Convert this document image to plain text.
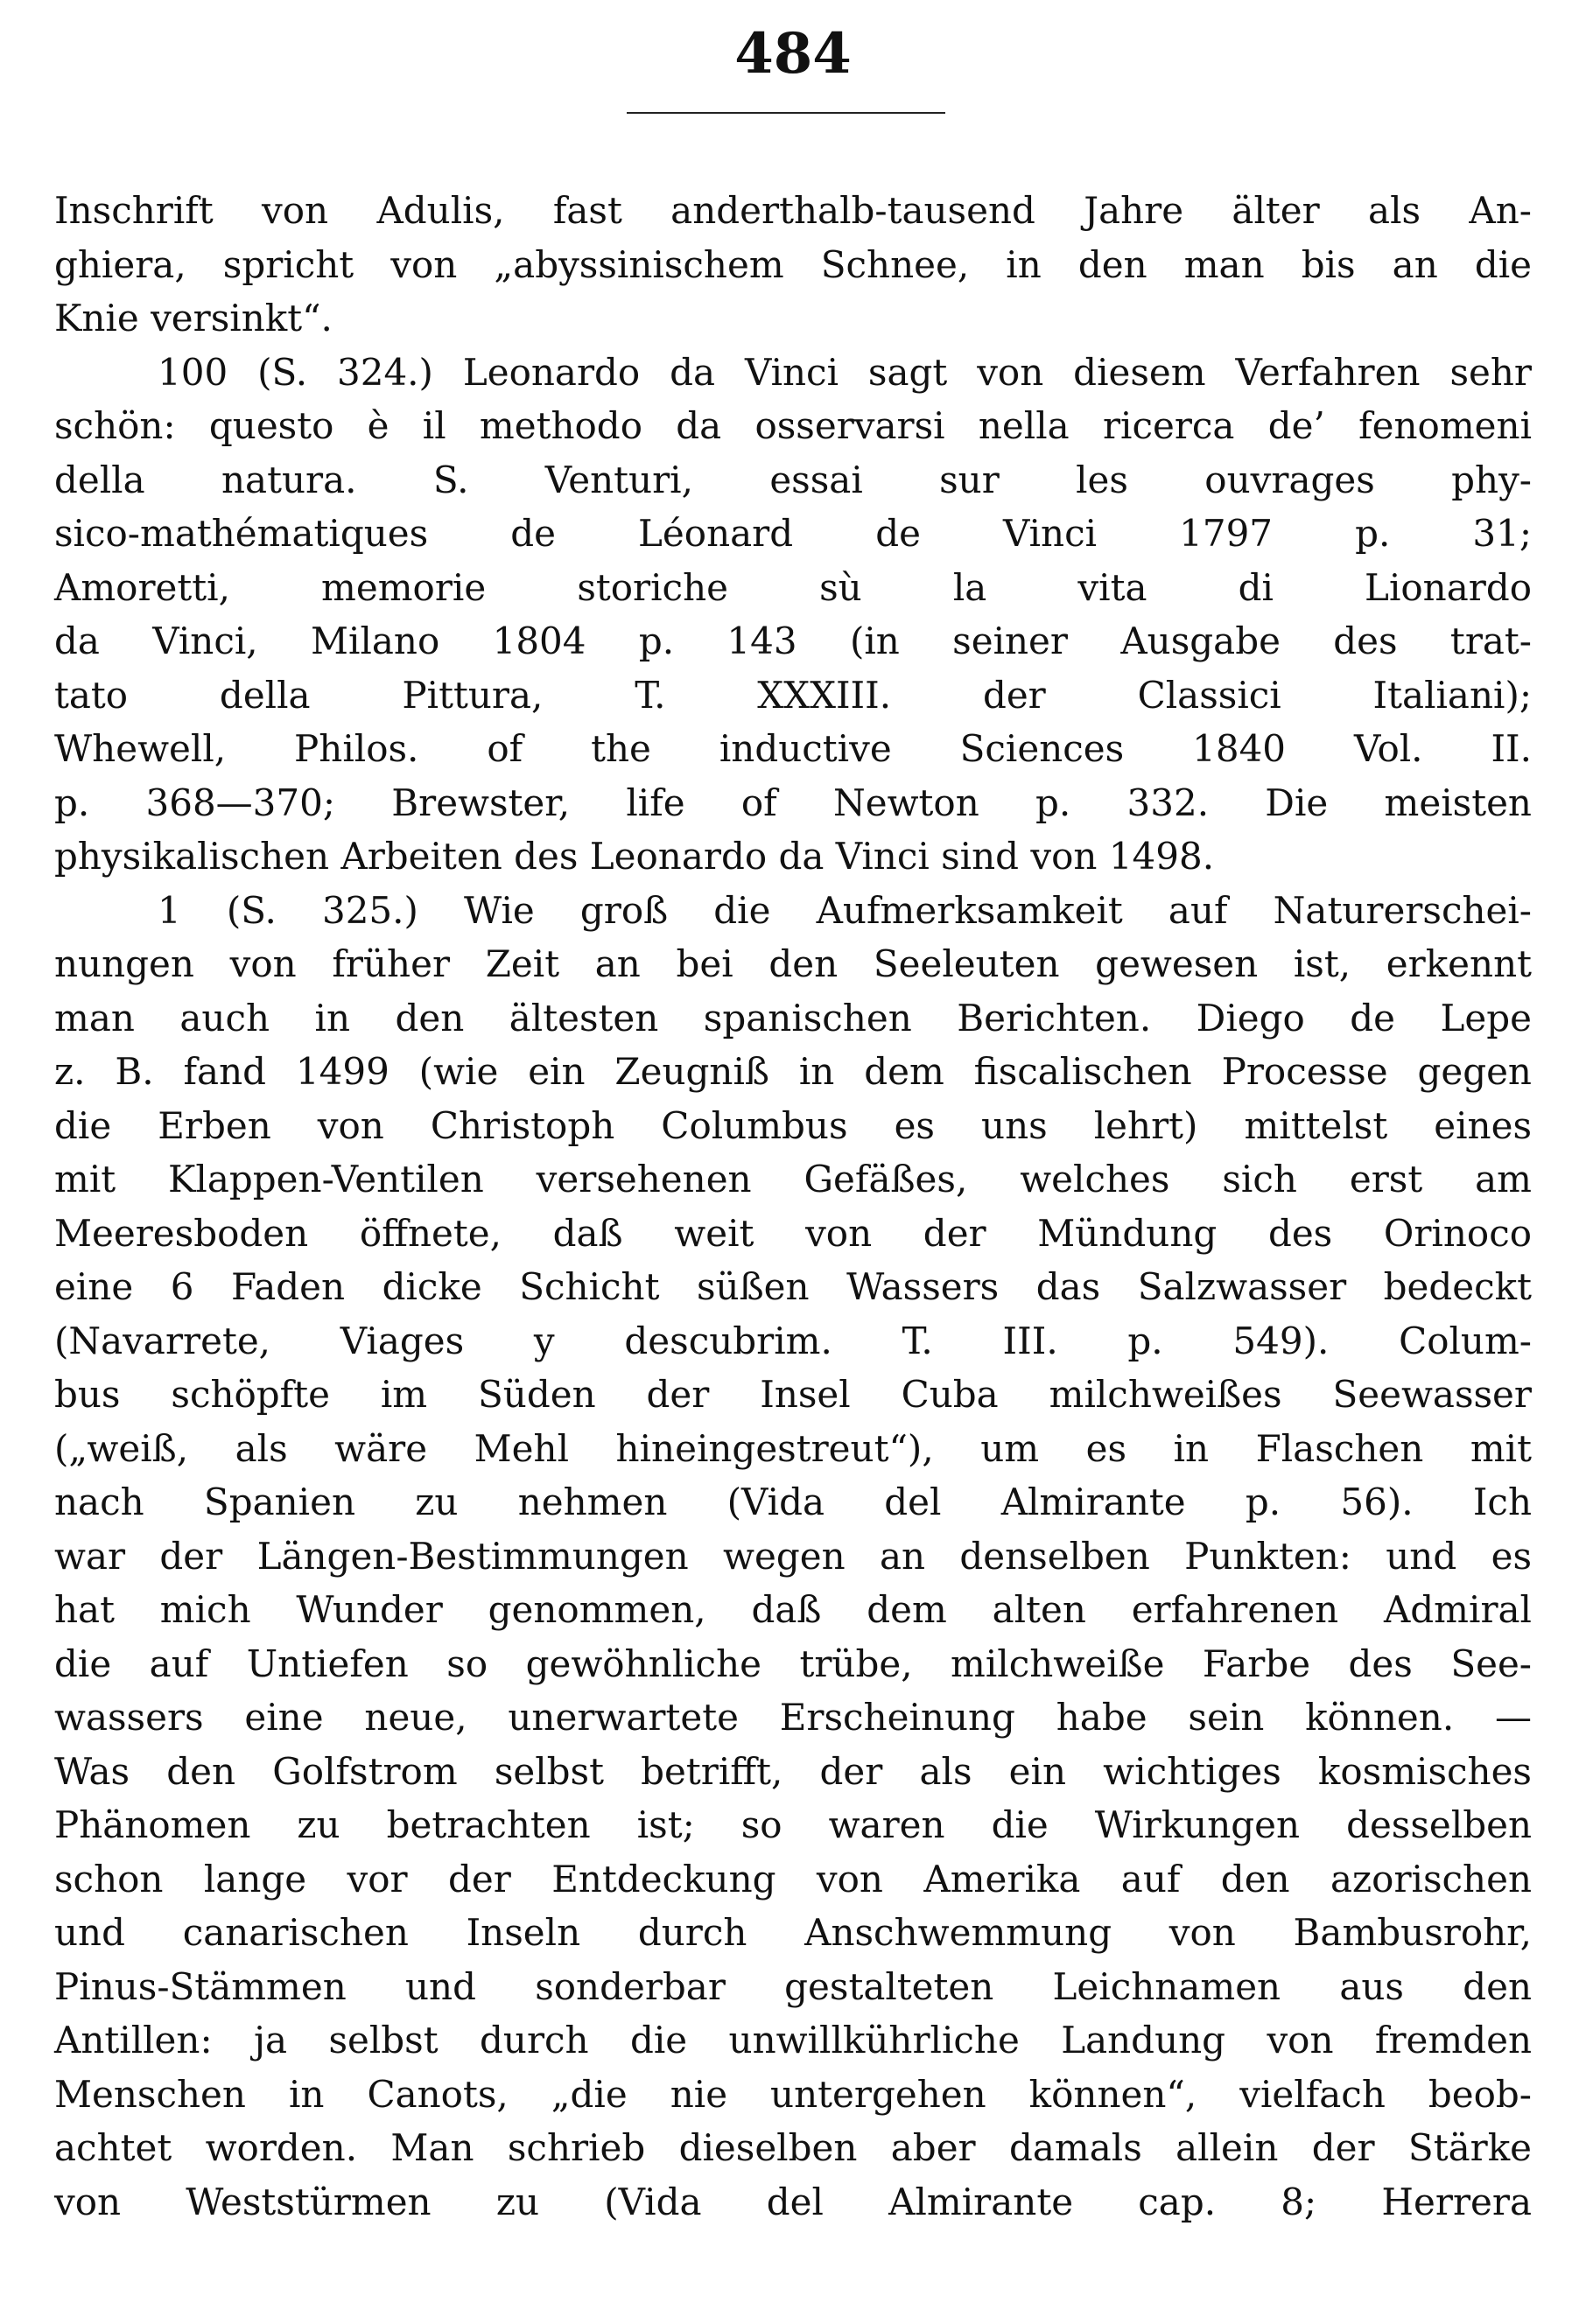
484
Inschrift von Adulis, fast anderthalb-tausend Jahre älter als An-
ghiera, spricht von „abyssinischem Schnee, in den man bis an die
Knie versinkt“.
100 (S. 324.) Leonardo da Vinci sagt von diesem Verfahren sehr
schön: questo è il methodo da osservarsi nella ricerca de’ fenomeni
della natura. S. Venturi, essai sur les ouvrages phy-
sico-mathématiques de Léonard de Vinci 1797 p. 31;
Amoretti, memorie storiche sù la vita di Lionardo
da Vinci, Milano 1804 p. 143 (in seiner Ausgabe des trat-
tato della Pittura, T. XXXIII. der Classici Italiani);
Whewell, Philos. of the inductive Sciences 1840 Vol. II.
p. 368—370; Brewster, life of Newton p. 332. Die meisten
physikalischen Arbeiten des Leonardo da Vinci sind von 1498.
1 (S. 325.) Wie groß die Aufmerksamkeit auf Naturerschei-
nungen von früher Zeit an bei den Seeleuten gewesen ist, erkennt
man auch in den ältesten spanischen Berichten. Diego de Lepe
z. B. fand 1499 (wie ein Zeugniß in dem fiscalischen Processe gegen
die Erben von Christoph Columbus es uns lehrt) mittelst eines
mit Klappen-Ventilen versehenen Gefäßes, welches sich erst am
Meeresboden öffnete, daß weit von der Mündung des Orinoco
eine 6 Faden dicke Schicht süßen Wassers das Salzwasser bedeckt
(Navarrete, Viages y descubrim. T. III. p. 549). Colum-
bus schöpfte im Süden der Insel Cuba milchweißes Seewasser
(„weiß, als wäre Mehl hineingestreut“), um es in Flaschen mit
nach Spanien zu nehmen (Vida del Almirante p. 56). Ich
war der Längen-Bestimmungen wegen an denselben Punkten: und es
hat mich Wunder genommen, daß dem alten erfahrenen Admiral
die auf Untiefen so gewöhnliche trübe, milchweiße Farbe des See-
wassers eine neue, unerwartete Erscheinung habe sein können. —
Was den Golfstrom selbst betrifft, der als ein wichtiges kosmisches
Phänomen zu betrachten ist; so waren die Wirkungen desselben
schon lange vor der Entdeckung von Amerika auf den azorischen
und canarischen Inseln durch Anschwemmung von Bambusrohr,
Pinus-Stämmen und sonderbar gestalteten Leichnamen aus den
Antillen: ja selbst durch die unwillkührliche Landung von fremden
Menschen in Canots, „die nie untergehen können“, vielfach beob-
achtet worden. Man schrieb dieselben aber damals allein der Stärke
von Weststürmen zu (Vida del Almirante cap. 8; Herrera
